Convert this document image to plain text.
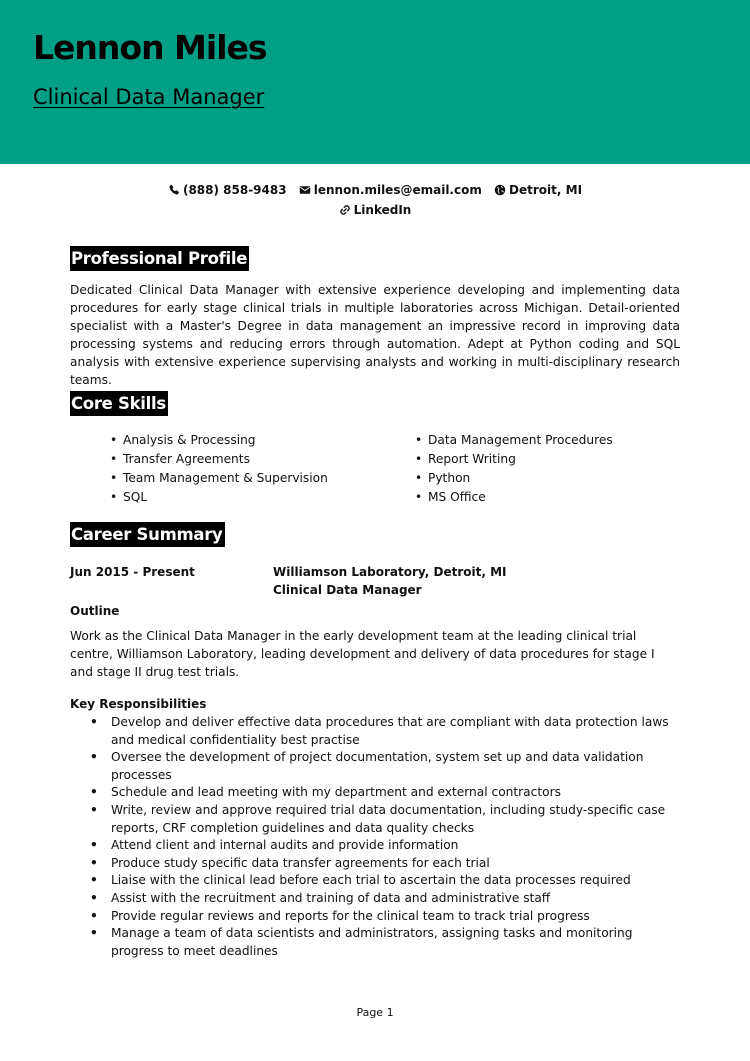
Lennon Miles
Clinical Data Manager
(888) 858-9483
lennon.miles@email.com
Detroit, MI
LinkedIn
Professional Profile

Dedicated Clinical Data Manager with extensive experience developing and implementing data procedures for early stage clinical trials in multiple laboratories across Michigan. Detail-oriented specialist with a Master's Degree in data management an impressive record in improving data processing systems and reducing errors through automation. Adept at Python coding and SQL analysis with extensive experience supervising analysts and working in multi-disciplinary research teams.

Core Skills
• Analysis & Processing
• Transfer Agreements
• Team Management & Supervision
• SQL
• Data Management Procedures
• Report Writing
• Python
• MS Office
Career Summary
Jun 2015 - Present	Williamson Laboratory, Detroit, MI
Clinical Data Manager
Outline

Work as the Clinical Data Manager in the early development team at the leading clinical trial centre, Williamson Laboratory, leading development and delivery of data procedures for stage I and stage II drug test trials.

Key Responsibilities
• Develop and deliver effective data procedures that are compliant with data protection laws and medical confidentiality best practise
• Oversee the development of project documentation, system set up and data validation processes
• Schedule and lead meeting with my department and external contractors
• Write, review and approve required trial data documentation, including study-specific case reports, CRF completion guidelines and data quality checks
• Attend client and internal audits and provide information
• Produce study specific data transfer agreements for each trial
• Liaise with the clinical lead before each trial to ascertain the data processes required
• Assist with the recruitment and training of data and administrative staff
• Provide regular reviews and reports for the clinical team to track trial progress
• Manage a team of data scientists and administrators, assigning tasks and monitoring progress to meet deadlines
Page 1
